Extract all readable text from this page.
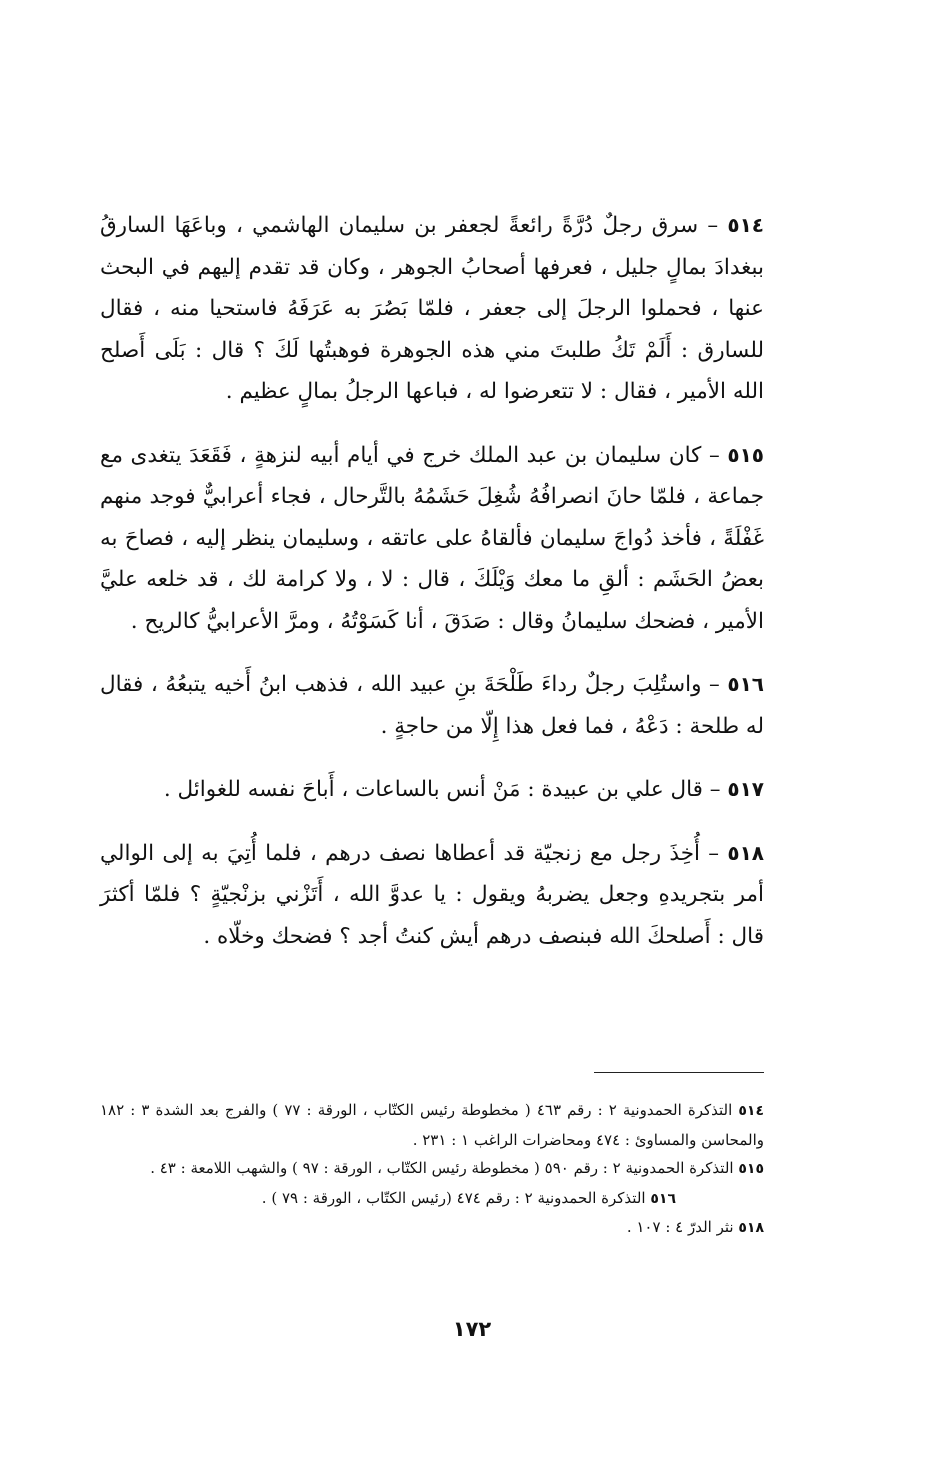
٥١٤ – سرق رجلٌ دُرَّةً رائعةً لجعفر بن سليمان الهاشمي ، وباعَهَا السارقُ ببغدادَ بمالٍ جليل ، فعرفها أصحابُ الجوهر ، وكان قد تقدم إليهم في البحث عنها ، فحملوا الرجلَ إلى جعفر ، فلمّا بَصُرَ به عَرَفَهُ فاستحيا منه ، فقال للسارق : أَلَمْ تَكُ طلبتَ مني هذه الجوهرة فوهبتُها لَكَ ؟ قال : بَلَى أَصلح الله الأمير ، فقال : لا تتعرضوا له ، فباعها الرجلُ بمالٍ عظيم .

٥١٥ – كان سليمان بن عبد الملك خرج في أيام أبيه لنزهةٍ ، فَقَعَدَ يتغدى مع جماعة ، فلمّا حانَ انصرافُهُ شُغِلَ حَشَمُهُ بالتَّرحال ، فجاء أعرابيٌّ فوجد منهم غَفْلَةً ، فأخذ دُواجَ سليمان فألقاهُ على عاتقه ، وسليمان ينظر إليه ، فصاحَ به بعضُ الحَشَم : ألقِ ما معك وَيْلَكَ ، قال : لا ، ولا كرامة لك ، قد خلعه عليَّ الأمير ، فضحك سليمانُ وقال : صَدَقَ ، أنا كَسَوْتُهُ ، ومرَّ الأعرابيُّ كالريح .

٥١٦ – واستُلِبَ رجلٌ رداءَ طَلْحَةَ بنِ عبيد الله ، فذهب ابنُ أَخيه يتبعُهُ ، فقال له طلحة : دَعْهُ ، فما فعل هذا إِلّا من حاجةٍ .

٥١٧ – قال علي بن عبيدة : مَنْ أنس بالساعات ، أَباحَ نفسه للغوائل .

٥١٨ – أُخِذَ رجل مع زنجيّة قد أعطاها نصف درهم ، فلما أُتِيَ به إلى الوالي أمر بتجريدهِ وجعل يضربهُ ويقول : يا عدوَّ الله ، أَتَزْني بزنْجيّةٍ ؟ فلمّا أكثرَ قال : أَصلحكَ الله فبنصف درهم أيش كنتُ أجد ؟ فضحك وخلّاه .

٥١٤ التذكرة الحمدونية ٢ : رقم ٤٦٣ ( مخطوطة رئيس الكتّاب ، الورقة : ٧٧ ) والفرج بعد الشدة ٣ : ١٨٢ والمحاسن والمساوئ : ٤٧٤ ومحاضرات الراغب ١ : ٢٣١ .

٥١٥ التذكرة الحمدونية ٢ : رقم ٥٩٠ ( مخطوطة رئيس الكتّاب ، الورقة : ٩٧ ) والشهب اللامعة : ٤٣ .

٥١٦ التذكرة الحمدونية ٢ : رقم ٤٧٤ (رئيس الكتّاب ، الورقة : ٧٩ ) .

٥١٨ نثر الدرّ ٤ : ١٠٧ .

١٧٢
